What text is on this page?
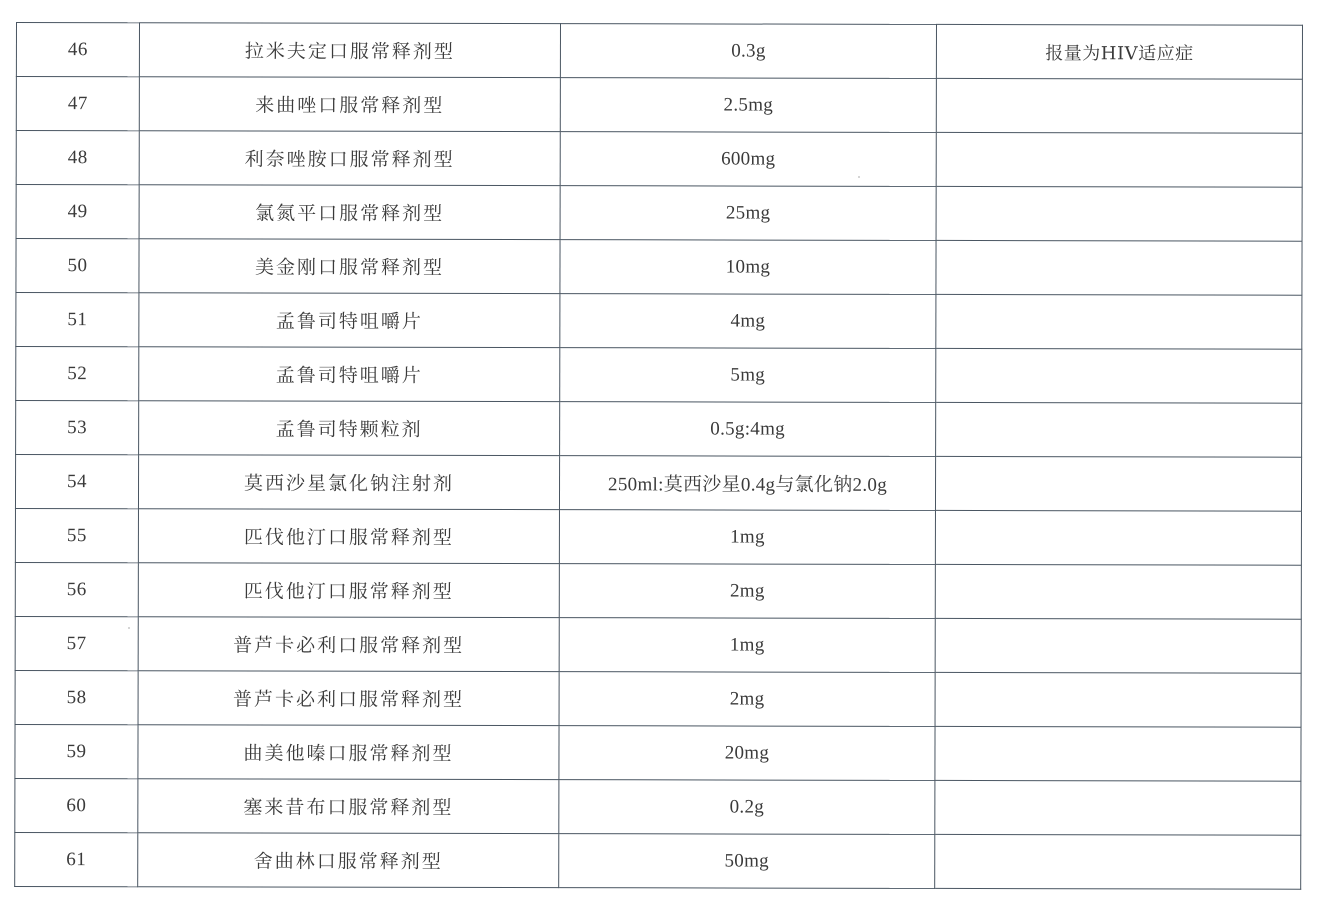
46	拉米夫定口服常释剂型	0.3g	报量为HIV适应症
47	来曲唑口服常释剂型	2.5mg	
48	利奈唑胺口服常释剂型	600mg	
49	氯氮平口服常释剂型	25mg	
50	美金刚口服常释剂型	10mg	
51	孟鲁司特咀嚼片	4mg	
52	孟鲁司特咀嚼片	5mg	
53	孟鲁司特颗粒剂	0.5g:4mg	
54	莫西沙星氯化钠注射剂	250ml:莫西沙星0.4g与氯化钠2.0g	
55	匹伐他汀口服常释剂型	1mg	
56	匹伐他汀口服常释剂型	2mg	
57	普芦卡必利口服常释剂型	1mg	
58	普芦卡必利口服常释剂型	2mg	
59	曲美他嗪口服常释剂型	20mg	
60	塞来昔布口服常释剂型	0.2g	
61	舍曲林口服常释剂型	50mg	
